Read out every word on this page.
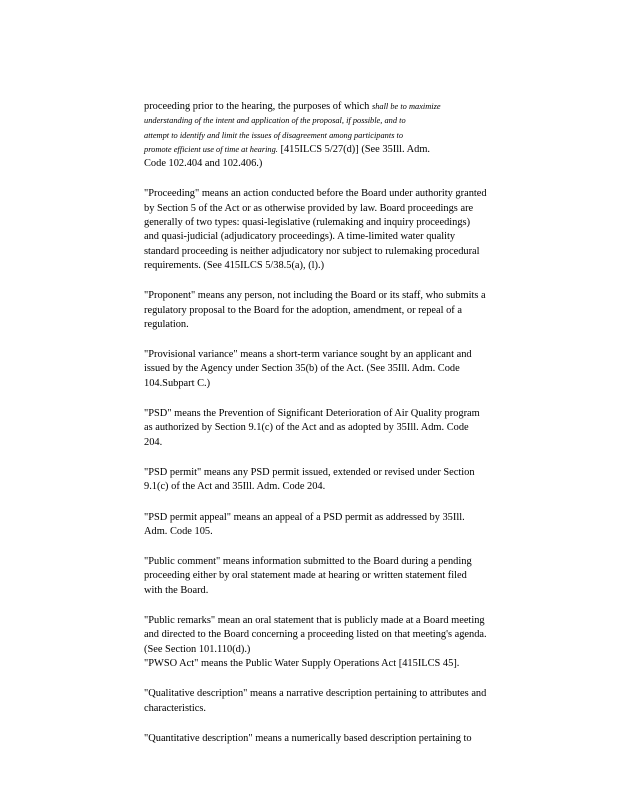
proceeding prior to the hearing, the purposes of which shall be to maximize
understanding of the intent and application of the proposal, if possible, and to
attempt to identify and limit the issues of disagreement among participants to
promote efficient use of time at hearing. [415ILCS 5/27(d)] (See 35Ill. Adm.
Code 102.404 and 102.406.)

"Proceeding" means an action conducted before the Board under authority granted
by Section 5 of the Act or as otherwise provided by law. Board proceedings are
generally of two types: quasi-legislative (rulemaking and inquiry proceedings)
and quasi-judicial (adjudicatory proceedings). A time-limited water quality
standard proceeding is neither adjudicatory nor subject to rulemaking procedural
requirements. (See 415ILCS 5/38.5(a), (l).)

"Proponent" means any person, not including the Board or its staff, who submits a
regulatory proposal to the Board for the adoption, amendment, or repeal of a
regulation.

"Provisional variance" means a short-term variance sought by an applicant and
issued by the Agency under Section 35(b) of the Act. (See 35Ill. Adm. Code
104.Subpart C.)

"PSD" means the Prevention of Significant Deterioration of Air Quality program
as authorized by Section 9.1(c) of the Act and as adopted by 35Ill. Adm. Code
204.

"PSD permit" means any PSD permit issued, extended or revised under Section
9.1(c) of the Act and 35Ill. Adm. Code 204.

"PSD permit appeal" means an appeal of a PSD permit as addressed by 35Ill.
Adm. Code 105.

"Public comment" means information submitted to the Board during a pending
proceeding either by oral statement made at hearing or written statement filed
with the Board.

"Public remarks" mean an oral statement that is publicly made at a Board meeting
and directed to the Board concerning a proceeding listed on that meeting's agenda.
(See Section 101.110(d).)

"PWSO Act" means the Public Water Supply Operations Act [415ILCS 45].

"Qualitative description" means a narrative description pertaining to attributes and
characteristics.

"Quantitative description" means a numerically based description pertaining to
